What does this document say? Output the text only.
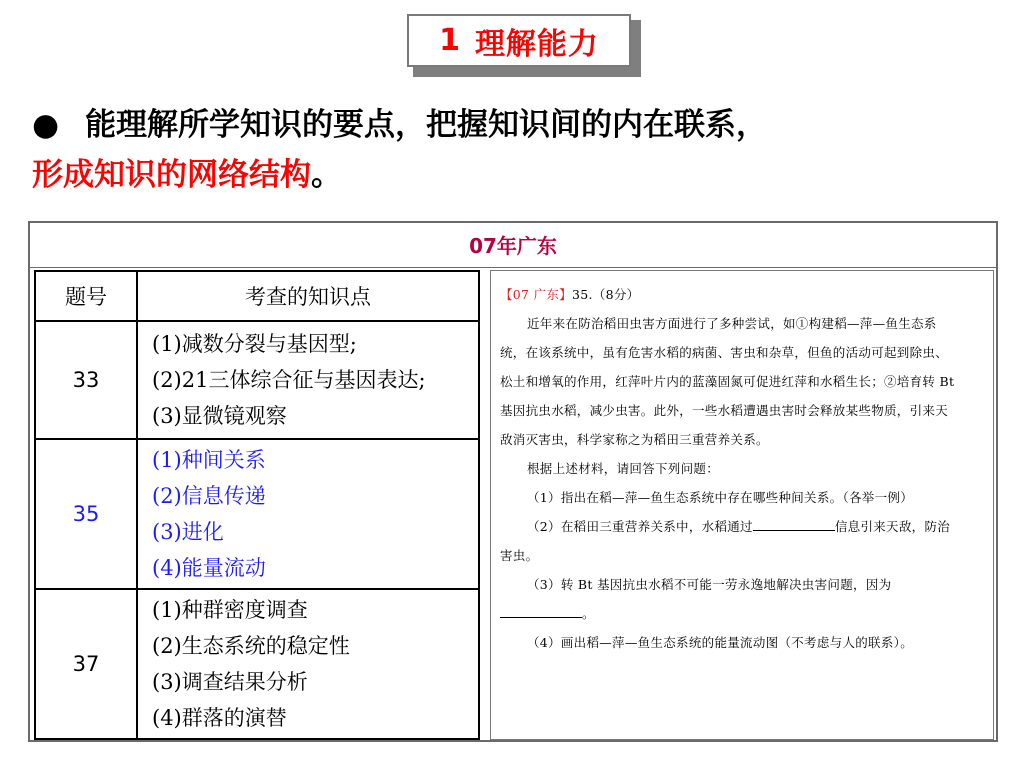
1 理解能力
● 能理解所学知识的要点，把握知识间的内在联系，
形成知识的网络结构。
07年广东
题号	考查的知识点
33	(1)减数分裂与基因型;
(2)21三体综合征与基因表达;
(3)显微镜观察

35	(1)种间关系
(2)信息传递
(3)进化
(4)能量流动

37	(1)种群密度调查
(2)生态系统的稳定性
(3)调查结果分析
(4)群落的演替

【07 广东】35.（8分）

近年来在防治稻田虫害方面进行了多种尝试，如①构建稻—萍—鱼生态系统，在该系统中，虽有危害水稻的病菌、害虫和杂草，但鱼的活动可起到除虫、松土和增氧的作用，红萍叶片内的蓝藻固氮可促进红萍和水稻生长；②培育转 Bt 基因抗虫水稻，减少虫害。此外，一些水稻遭遇虫害时会释放某些物质，引来天敌消灭害虫，科学家称之为稻田三重营养关系。

根据上述材料，请回答下列问题：

（1）指出在稻—萍—鱼生态系统中存在哪些种间关系。（各举一例）

（2）在稻田三重营养关系中，水稻通过	信息引来天敌，防治害虫。

（3）转 Bt 基因抗虫水稻不可能一劳永逸地解决虫害问题，因为。

（4）画出稻—萍—鱼生态系统的能量流动图（不考虑与人的联系）。
